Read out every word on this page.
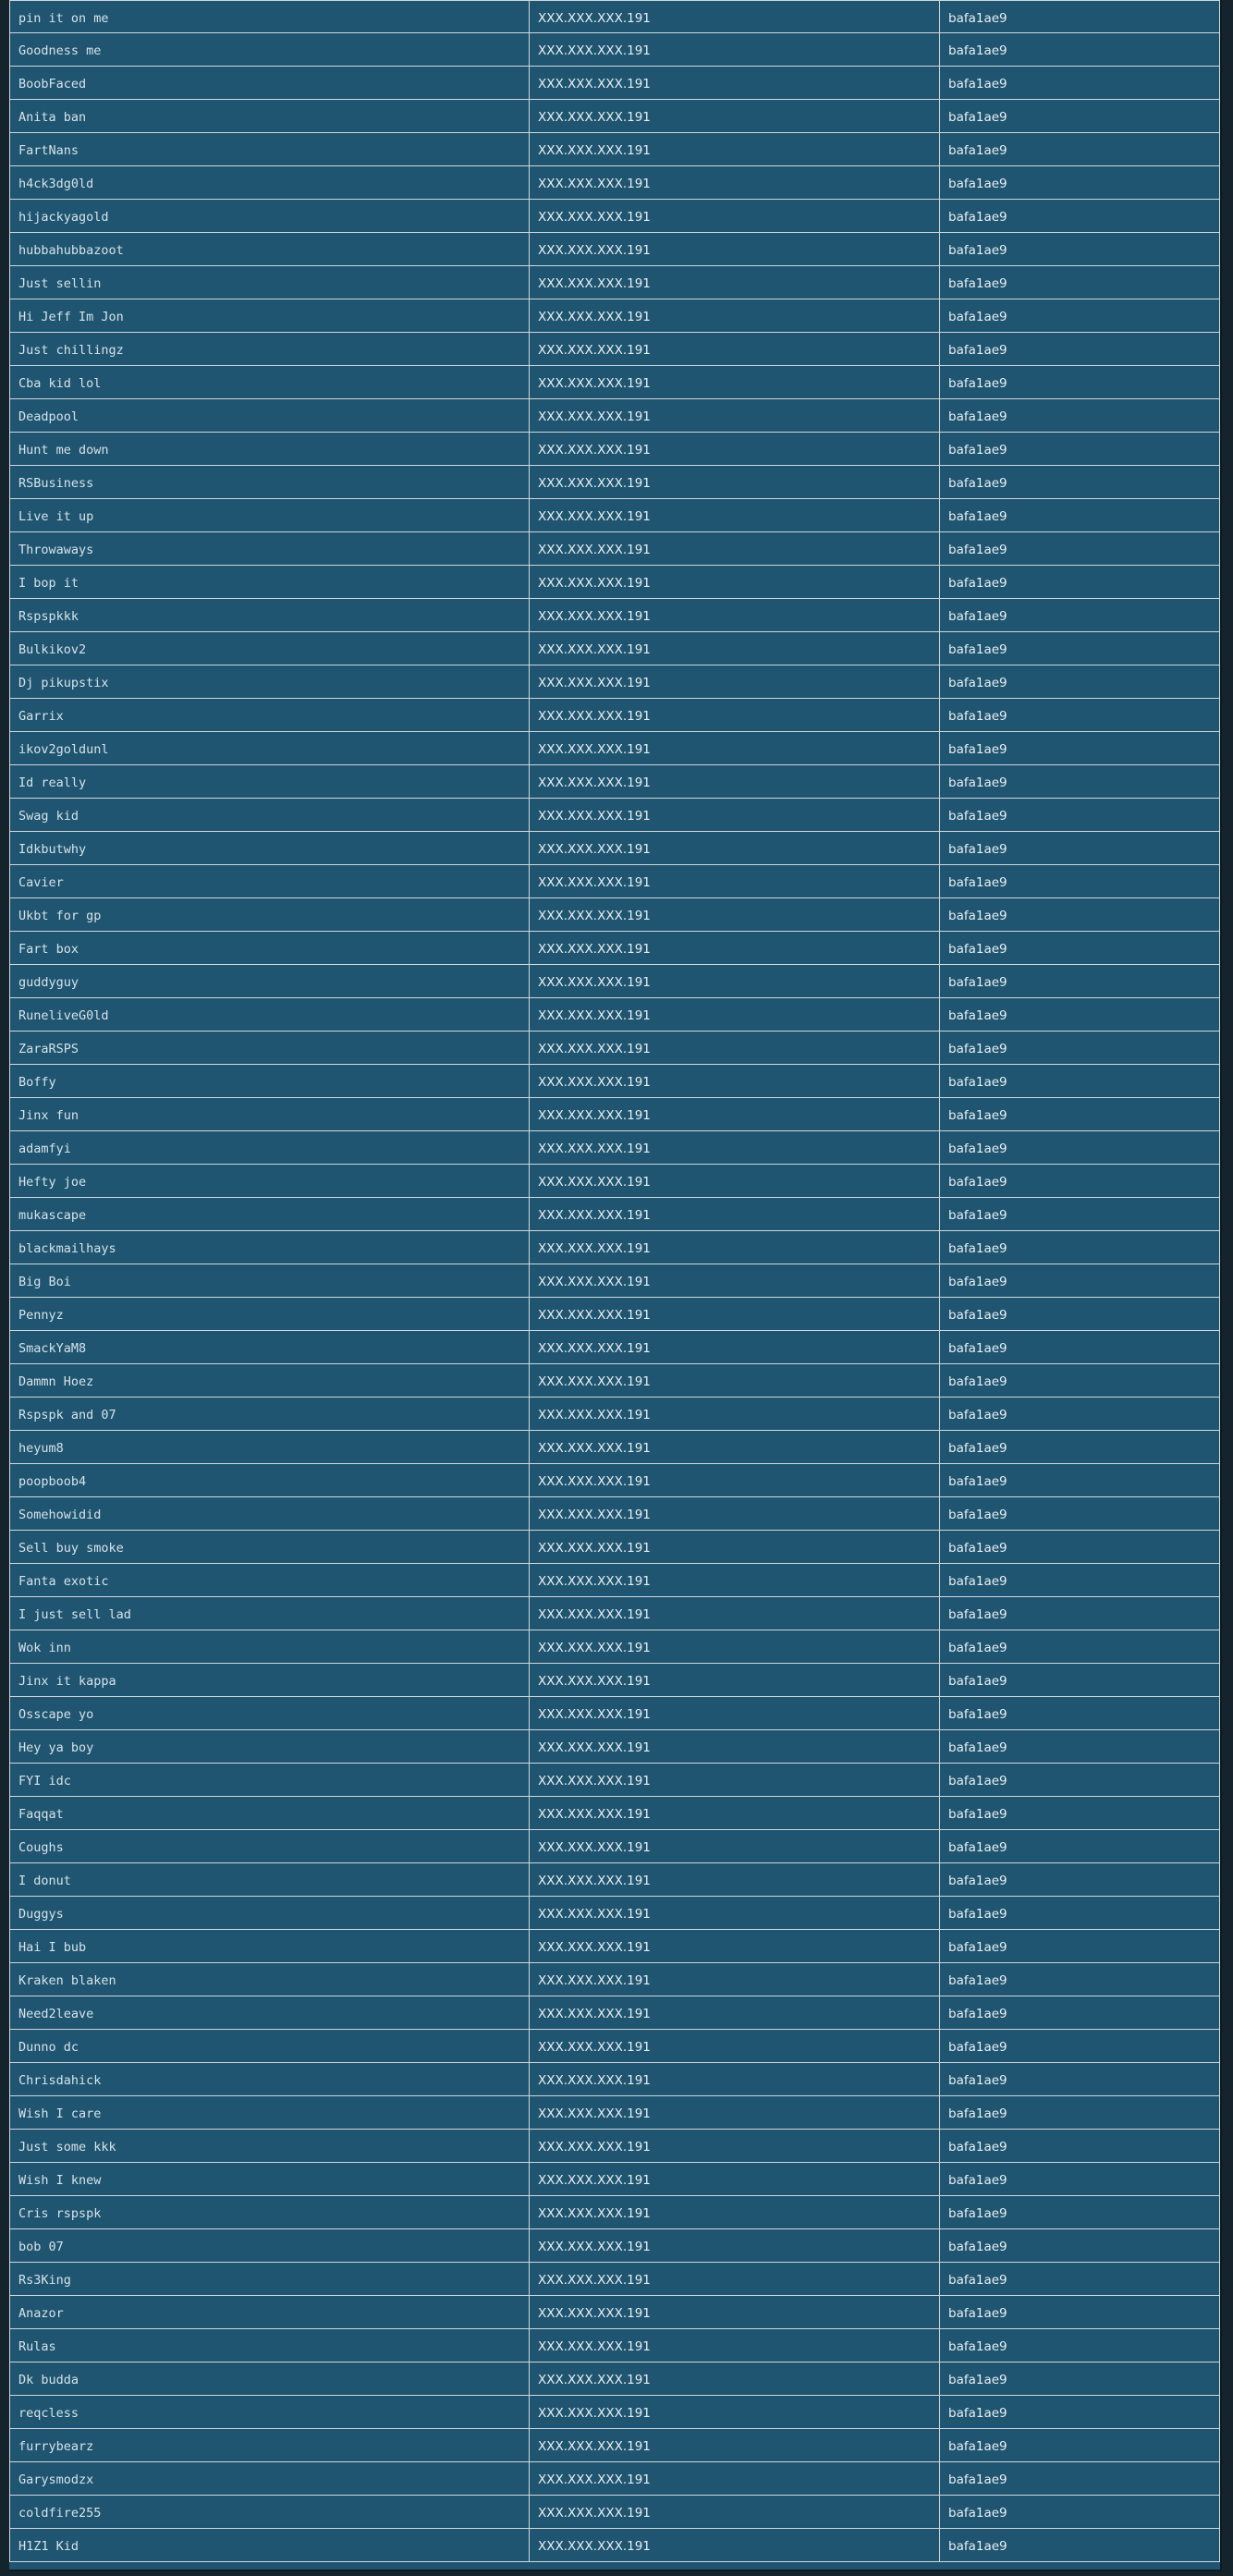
pin it on me	XXX.XXX.XXX.191	bafa1ae9
Goodness me	XXX.XXX.XXX.191	bafa1ae9
BoobFaced	XXX.XXX.XXX.191	bafa1ae9
Anita ban	XXX.XXX.XXX.191	bafa1ae9
FartNans	XXX.XXX.XXX.191	bafa1ae9
h4ck3dg0ld	XXX.XXX.XXX.191	bafa1ae9
hijackyagold	XXX.XXX.XXX.191	bafa1ae9
hubbahubbazoot	XXX.XXX.XXX.191	bafa1ae9
Just sellin	XXX.XXX.XXX.191	bafa1ae9
Hi Jeff Im Jon	XXX.XXX.XXX.191	bafa1ae9
Just chillingz	XXX.XXX.XXX.191	bafa1ae9
Cba kid lol	XXX.XXX.XXX.191	bafa1ae9
Deadpool	XXX.XXX.XXX.191	bafa1ae9
Hunt me down	XXX.XXX.XXX.191	bafa1ae9
RSBusiness	XXX.XXX.XXX.191	bafa1ae9
Live it up	XXX.XXX.XXX.191	bafa1ae9
Throwaways	XXX.XXX.XXX.191	bafa1ae9
I bop it	XXX.XXX.XXX.191	bafa1ae9
Rspspkkk	XXX.XXX.XXX.191	bafa1ae9
Bulkikov2	XXX.XXX.XXX.191	bafa1ae9
Dj pikupstix	XXX.XXX.XXX.191	bafa1ae9
Garrix	XXX.XXX.XXX.191	bafa1ae9
ikov2goldunl	XXX.XXX.XXX.191	bafa1ae9
Id really	XXX.XXX.XXX.191	bafa1ae9
Swag kid	XXX.XXX.XXX.191	bafa1ae9
Idkbutwhy	XXX.XXX.XXX.191	bafa1ae9
Cavier	XXX.XXX.XXX.191	bafa1ae9
Ukbt for gp	XXX.XXX.XXX.191	bafa1ae9
Fart box	XXX.XXX.XXX.191	bafa1ae9
guddyguy	XXX.XXX.XXX.191	bafa1ae9
RuneliveG0ld	XXX.XXX.XXX.191	bafa1ae9
ZaraRSPS	XXX.XXX.XXX.191	bafa1ae9
Boffy	XXX.XXX.XXX.191	bafa1ae9
Jinx fun	XXX.XXX.XXX.191	bafa1ae9
adamfyi	XXX.XXX.XXX.191	bafa1ae9
Hefty joe	XXX.XXX.XXX.191	bafa1ae9
mukascape	XXX.XXX.XXX.191	bafa1ae9
blackmailhays	XXX.XXX.XXX.191	bafa1ae9
Big Boi	XXX.XXX.XXX.191	bafa1ae9
Pennyz	XXX.XXX.XXX.191	bafa1ae9
SmackYaM8	XXX.XXX.XXX.191	bafa1ae9
Dammn Hoez	XXX.XXX.XXX.191	bafa1ae9
Rspspk and 07	XXX.XXX.XXX.191	bafa1ae9
heyum8	XXX.XXX.XXX.191	bafa1ae9
poopboob4	XXX.XXX.XXX.191	bafa1ae9
Somehowidid	XXX.XXX.XXX.191	bafa1ae9
Sell buy smoke	XXX.XXX.XXX.191	bafa1ae9
Fanta exotic	XXX.XXX.XXX.191	bafa1ae9
I just sell lad	XXX.XXX.XXX.191	bafa1ae9
Wok inn	XXX.XXX.XXX.191	bafa1ae9
Jinx it kappa	XXX.XXX.XXX.191	bafa1ae9
Osscape yo	XXX.XXX.XXX.191	bafa1ae9
Hey ya boy	XXX.XXX.XXX.191	bafa1ae9
FYI idc	XXX.XXX.XXX.191	bafa1ae9
Faqqat	XXX.XXX.XXX.191	bafa1ae9
Coughs	XXX.XXX.XXX.191	bafa1ae9
I donut	XXX.XXX.XXX.191	bafa1ae9
Duggys	XXX.XXX.XXX.191	bafa1ae9
Hai I bub	XXX.XXX.XXX.191	bafa1ae9
Kraken blaken	XXX.XXX.XXX.191	bafa1ae9
Need2leave	XXX.XXX.XXX.191	bafa1ae9
Dunno dc	XXX.XXX.XXX.191	bafa1ae9
Chrisdahick	XXX.XXX.XXX.191	bafa1ae9
Wish I care	XXX.XXX.XXX.191	bafa1ae9
Just some kkk	XXX.XXX.XXX.191	bafa1ae9
Wish I knew	XXX.XXX.XXX.191	bafa1ae9
Cris rspspk	XXX.XXX.XXX.191	bafa1ae9
bob 07	XXX.XXX.XXX.191	bafa1ae9
Rs3King	XXX.XXX.XXX.191	bafa1ae9
Anazor	XXX.XXX.XXX.191	bafa1ae9
Rulas	XXX.XXX.XXX.191	bafa1ae9
Dk budda	XXX.XXX.XXX.191	bafa1ae9
reqcless	XXX.XXX.XXX.191	bafa1ae9
furrybearz	XXX.XXX.XXX.191	bafa1ae9
Garysmodzx	XXX.XXX.XXX.191	bafa1ae9
coldfire255	XXX.XXX.XXX.191	bafa1ae9
H1Z1 Kid	XXX.XXX.XXX.191	bafa1ae9
